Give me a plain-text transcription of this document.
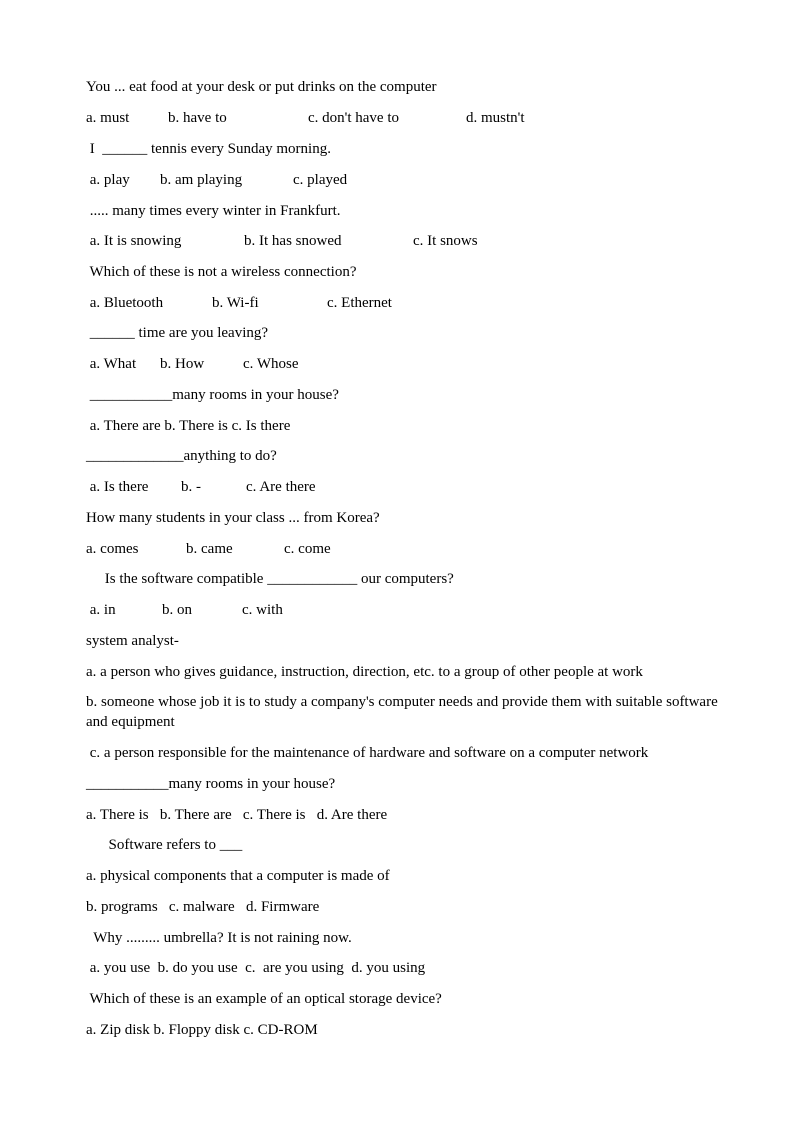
You ... eat food at your desk or put drinks on the computer

a. must

	b. have to

	c. don't have to

	d. mustn't

I  ______ tennis every Sunday morning.

a. play

b. am playing

	c. played

..... many times every winter in Frankfurt.

a. It is snowing

	b. It has snowed

	c. It snows

Which of these is not a wireless connection?

a. Bluetooth

	b. Wi-fi

	c. Ethernet

______ time are you leaving?

a. What

b. How

	c. Whose

___________many rooms in your house?
a. There are b. There is c. Is there
_____________anything to do?

a. Is there

b. -

	c. Are there

How many students in your class ... from Korea?

a. comes

	b. came

	c. come

Is the software compatible ____________ our computers?

a. in

	b. on

	c. with

system analyst-
a. a person who gives guidance, instruction, direction, etc. to a group of other people at work
b. someone whose job it is to study a company's computer needs and provide them with suitable software and equipment
c. a person responsible for the maintenance of hardware and software on a computer network
___________many rooms in your house?
a. There is   b. There are   c. There is   d. Are there
Software refers to ___
a. physical components that a computer is made of
b. programs   c. malware   d. Firmware
Why ......... umbrella? It is not raining now.
a. you use  b. do you use  c.  are you using  d. you using
Which of these is an example of an optical storage device?
a. Zip disk b. Floppy disk c. CD-ROM
